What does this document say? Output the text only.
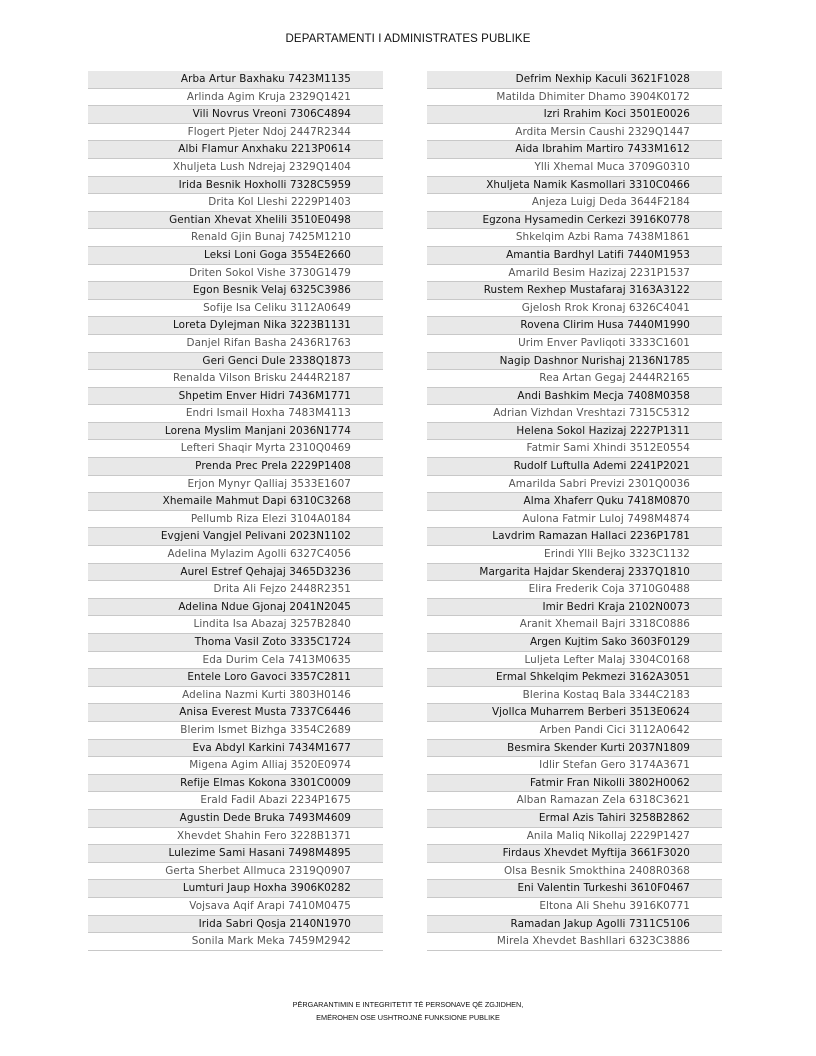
DEPARTAMENTI I ADMINISTRATES PUBLIKE
Arba Artur Baxhaku 7423M1135
Arlinda Agim Kruja 2329Q1421
Vili Novrus Vreoni 7306C4894
Flogert Pjeter Ndoj 2447R2344
Albi Flamur Anxhaku 2213P0614
Xhuljeta Lush Ndrejaj 2329Q1404
Irida Besnik Hoxholli 7328C5959
Drita Kol Lleshi 2229P1403
Gentian Xhevat Xhelili 3510E0498
Renald Gjin Bunaj 7425M1210
Leksi Loni Goga 3554E2660
Driten Sokol Vishe 3730G1479
Egon Besnik Velaj 6325C3986
Sofije Isa Celiku 3112A0649
Loreta Dylejman Nika 3223B1131
Danjel Rifan Basha 2436R1763
Geri Genci Dule 2338Q1873
Renalda Vilson Brisku 2444R2187
Shpetim Enver Hidri 7436M1771
Endri Ismail Hoxha 7483M4113
Lorena Myslim Manjani 2036N1774
Lefteri Shaqir Myrta 2310Q0469
Prenda Prec Prela 2229P1408
Erjon Mynyr Qalliaj 3533E1607
Xhemaile Mahmut Dapi 6310C3268
Pellumb Riza Elezi 3104A0184
Evgjeni Vangjel Pelivani 2023N1102
Adelina Mylazim Agolli 6327C4056
Aurel Estref Qehajaj 3465D3236
Drita Ali Fejzo 2448R2351
Adelina Ndue Gjonaj 2041N2045
Lindita Isa Abazaj 3257B2840
Thoma Vasil Zoto 3335C1724
Eda Durim Cela 7413M0635
Entele Loro Gavoci 3357C2811
Adelina Nazmi Kurti 3803H0146
Anisa Everest Musta 7337C6446
Blerim Ismet Bizhga 3354C2689
Eva Abdyl Karkini 7434M1677
Migena Agim Alliaj 3520E0974
Refije Elmas Kokona 3301C0009
Erald Fadil Abazi 2234P1675
Agustin Dede Bruka 7493M4609
Xhevdet Shahin Fero 3228B1371
Lulezime Sami Hasani 7498M4895
Gerta Sherbet Allmuca 2319Q0907
Lumturi Jaup Hoxha 3906K0282
Vojsava Aqif Arapi 7410M0475
Irida Sabri Qosja 2140N1970
Sonila Mark Meka 7459M2942
Defrim Nexhip Kaculi 3621F1028
Matilda Dhimiter Dhamo 3904K0172
Izri Rrahim Koci 3501E0026
Ardita Mersin Caushi 2329Q1447
Aida Ibrahim Martiro 7433M1612
Ylli Xhemal Muca 3709G0310
Xhuljeta Namik Kasmollari 3310C0466
Anjeza Luigj Deda 3644F2184
Egzona Hysamedin Cerkezi 3916K0778
Shkelqim Azbi Rama 7438M1861
Amantia Bardhyl Latifi 7440M1953
Amarild Besim Hazizaj 2231P1537
Rustem Rexhep Mustafaraj 3163A3122
Gjelosh Rrok Kronaj 6326C4041
Rovena Clirim Husa 7440M1990
Urim Enver Pavliqoti 3333C1601
Nagip Dashnor Nurishaj 2136N1785
Rea Artan Gegaj 2444R2165
Andi Bashkim Mecja 7408M0358
Adrian Vizhdan Vreshtazi 7315C5312
Helena Sokol Hazizaj 2227P1311
Fatmir Sami Xhindi 3512E0554
Rudolf Luftulla Ademi 2241P2021
Amarilda Sabri Previzi 2301Q0036
Alma Xhaferr Quku 7418M0870
Aulona Fatmir Luloj 7498M4874
Lavdrim Ramazan Hallaci 2236P1781
Erindi Ylli Bejko 3323C1132
Margarita Hajdar Skenderaj 2337Q1810
Elira Frederik Coja 3710G0488
Imir Bedri Kraja 2102N0073
Aranit Xhemail Bajri 3318C0886
Argen Kujtim Sako 3603F0129
Luljeta Lefter Malaj 3304C0168
Ermal Shkelqim Pekmezi 3162A3051
Blerina Kostaq Bala 3344C2183
Vjollca Muharrem Berberi 3513E0624
Arben Pandi Cici 3112A0642
Besmira Skender Kurti 2037N1809
Idlir Stefan Gero 3174A3671
Fatmir Fran Nikolli 3802H0062
Alban Ramazan Zela 6318C3621
Ermal Azis Tahiri 3258B2862
Anila Maliq Nikollaj 2229P1427
Firdaus Xhevdet Myftija 3661F3020
Olsa Besnik Smokthina 2408R0368
Eni Valentin Turkeshi 3610F0467
Eltona Ali Shehu 3916K0771
Ramadan Jakup Agolli 7311C5106
Mirela Xhevdet Bashllari 6323C3886
PËRGARANTIMIN E INTEGRITETIT TË PERSONAVE QË ZGJIDHEN,
EMËROHEN OSE USHTROJNË FUNKSIONE PUBLIKE
